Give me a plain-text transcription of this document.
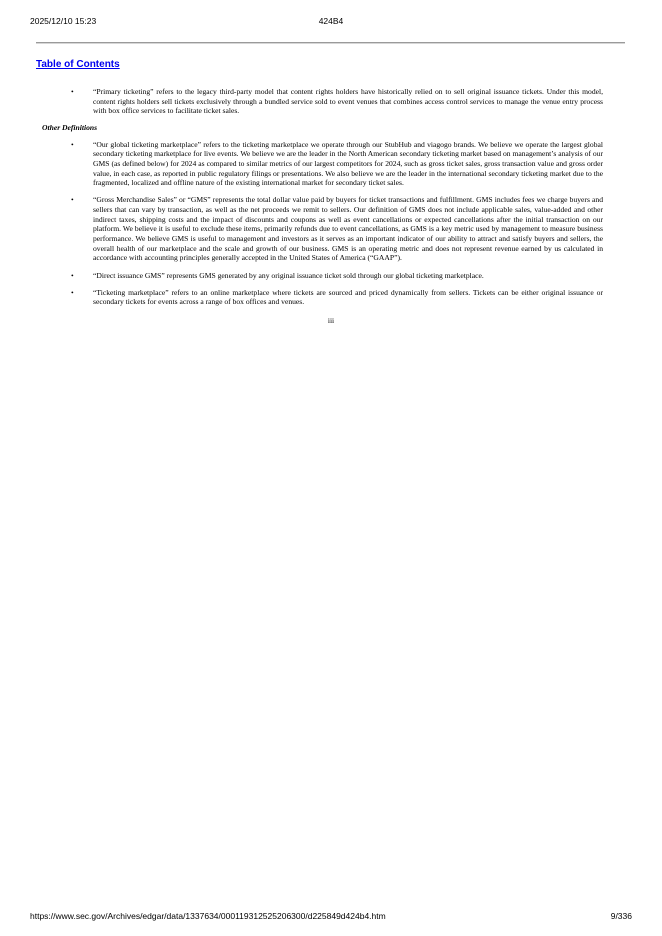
2025/12/10 15:23	424B4
Table of Contents
•	“Primary ticketing” refers to the legacy third-party model that content rights holders have historically relied on to sell original issuance tickets. Under this model, content rights holders sell tickets exclusively through a bundled service sold to event venues that combines access control services to manage the venue entry process with box office services to facilitate ticket sales.
Other Definitions
•	“Our global ticketing marketplace” refers to the ticketing marketplace we operate through our StubHub and viagogo brands. We believe we operate the largest global secondary ticketing marketplace for live events. We believe we are the leader in the North American secondary ticketing market based on management’s analysis of our GMS (as defined below) for 2024 as compared to similar metrics of our largest competitors for 2024, such as gross ticket sales, gross transaction value and gross order value, in each case, as reported in public regulatory filings or presentations. We also believe we are the leader in the international secondary ticketing market due to the fragmented, localized and offline nature of the existing international market for secondary ticket sales.
•	“Gross Merchandise Sales” or “GMS” represents the total dollar value paid by buyers for ticket transactions and fulfillment. GMS includes fees we charge buyers and sellers that can vary by transaction, as well as the net proceeds we remit to sellers. Our definition of GMS does not include applicable sales, value-added and other indirect taxes, shipping costs and the impact of discounts and coupons as well as event cancellations or expected cancellations after the initial transaction on our platform. We believe it is useful to exclude these items, primarily refunds due to event cancellations, as GMS is a key metric used by management to measure business performance. We believe GMS is useful to management and investors as it serves as an important indicator of our ability to attract and satisfy buyers and sellers, the overall health of our marketplace and the scale and growth of our business. GMS is an operating metric and does not represent revenue earned by us calculated in accordance with accounting principles generally accepted in the United States of America (“GAAP”).
•	“Direct issuance GMS” represents GMS generated by any original issuance ticket sold through our global ticketing marketplace.
•	“Ticketing marketplace” refers to an online marketplace where tickets are sourced and priced dynamically from sellers. Tickets can be either original issuance or secondary tickets for events across a range of box offices and venues.
iii
https://www.sec.gov/Archives/edgar/data/1337634/000119312525206300/d225849d424b4.htm	9/336
